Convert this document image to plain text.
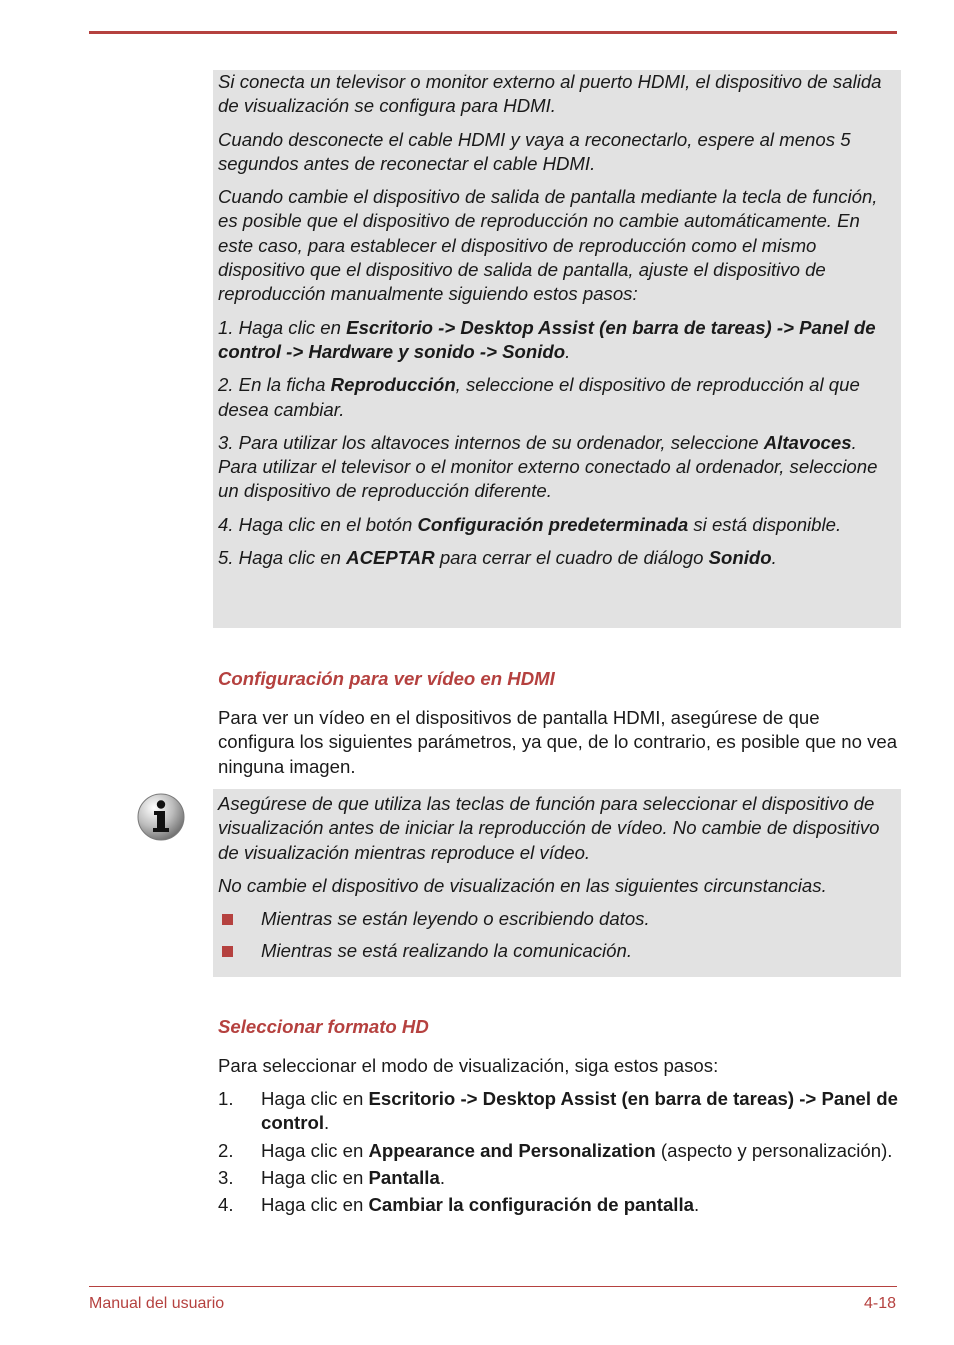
Si conecta un televisor o monitor externo al puerto HDMI, el dispositivo de salida de visualización se configura para HDMI.

Cuando desconecte el cable HDMI y vaya a reconectarlo, espere al menos 5 segundos antes de reconectar el cable HDMI.

Cuando cambie el dispositivo de salida de pantalla mediante la tecla de función, es posible que el dispositivo de reproducción no cambie automáticamente. En este caso, para establecer el dispositivo de reproducción como el mismo dispositivo que el dispositivo de salida de pantalla, ajuste el dispositivo de reproducción manualmente siguiendo estos pasos:

1. Haga clic en Escritorio -> Desktop Assist (en barra de tareas) -> Panel de control -> Hardware y sonido -> Sonido.

2. En la ficha Reproducción, seleccione el dispositivo de reproducción al que desea cambiar.

3. Para utilizar los altavoces internos de su ordenador, seleccione Altavoces. Para utilizar el televisor o el monitor externo conectado al ordenador, seleccione un dispositivo de reproducción diferente.

4. Haga clic en el botón Configuración predeterminada si está disponible.

5. Haga clic en ACEPTAR para cerrar el cuadro de diálogo Sonido.

Configuración para ver vídeo en HDMI

Para ver un vídeo en el dispositivos de pantalla HDMI, asegúrese de que configura los siguientes parámetros, ya que, de lo contrario, es posible que no vea ninguna imagen.

Asegúrese de que utiliza las teclas de función para seleccionar el dispositivo de visualización antes de iniciar la reproducción de vídeo. No cambie de dispositivo de visualización mientras reproduce el vídeo.

No cambie el dispositivo de visualización en las siguientes circunstancias.

Mientras se están leyendo o escribiendo datos.
Mientras se está realizando la comunicación.
Seleccionar formato HD

Para seleccionar el modo de visualización, siga estos pasos:

1. Haga clic en Escritorio -> Desktop Assist (en barra de tareas) -> Panel de control.
2. Haga clic en Appearance and Personalization (aspecto y personalización).
3. Haga clic en Pantalla.
4. Haga clic en Cambiar la configuración de pantalla.
Manual del usuario	4-18
